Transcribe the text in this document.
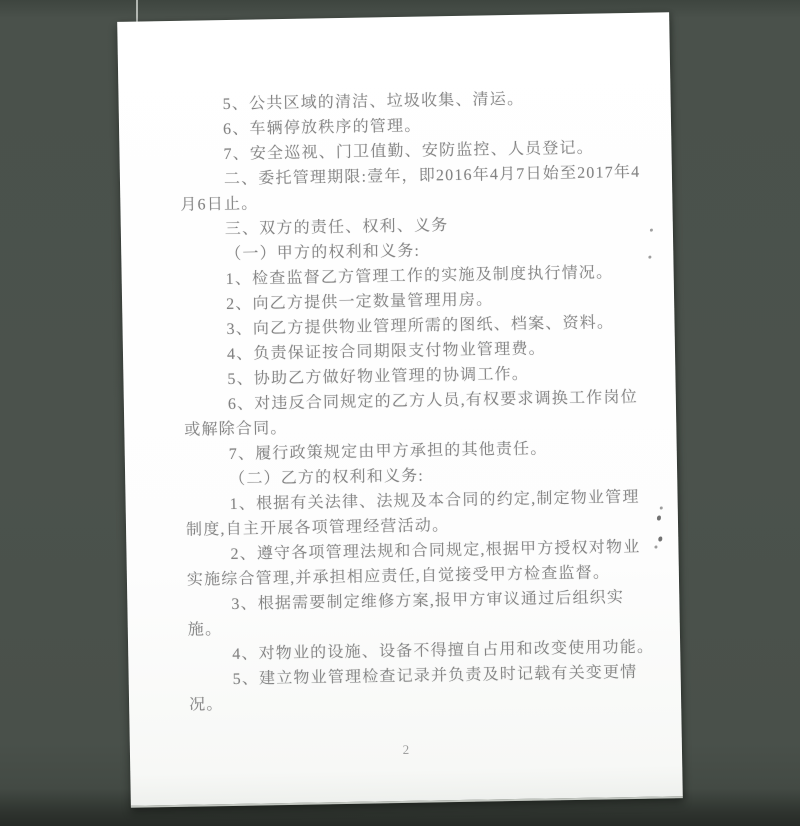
5、公共区域的清洁、垃圾收集、清运。
6、车辆停放秩序的管理。
7、安全巡视、门卫值勤、安防监控、人员登记。
二、委托管理期限:壹年，即2016年4月7日始至2017年4
月6日止。
三、双方的责任、权利、义务
（一）甲方的权利和义务:
1、检查监督乙方管理工作的实施及制度执行情况。
2、向乙方提供一定数量管理用房。
3、向乙方提供物业管理所需的图纸、档案、资料。
4、负责保证按合同期限支付物业管理费。
5、协助乙方做好物业管理的协调工作。
6、对违反合同规定的乙方人员,有权要求调换工作岗位
或解除合同。
7、履行政策规定由甲方承担的其他责任。
（二）乙方的权利和义务:
1、根据有关法律、法规及本合同的约定,制定物业管理
制度,自主开展各项管理经营活动。
2、遵守各项管理法规和合同规定,根据甲方授权对物业
实施综合管理,并承担相应责任,自觉接受甲方检查监督。
3、根据需要制定维修方案,报甲方审议通过后组织实
施。
4、对物业的设施、设备不得擅自占用和改变使用功能。
5、建立物业管理检查记录并负责及时记载有关变更情
况。
2
